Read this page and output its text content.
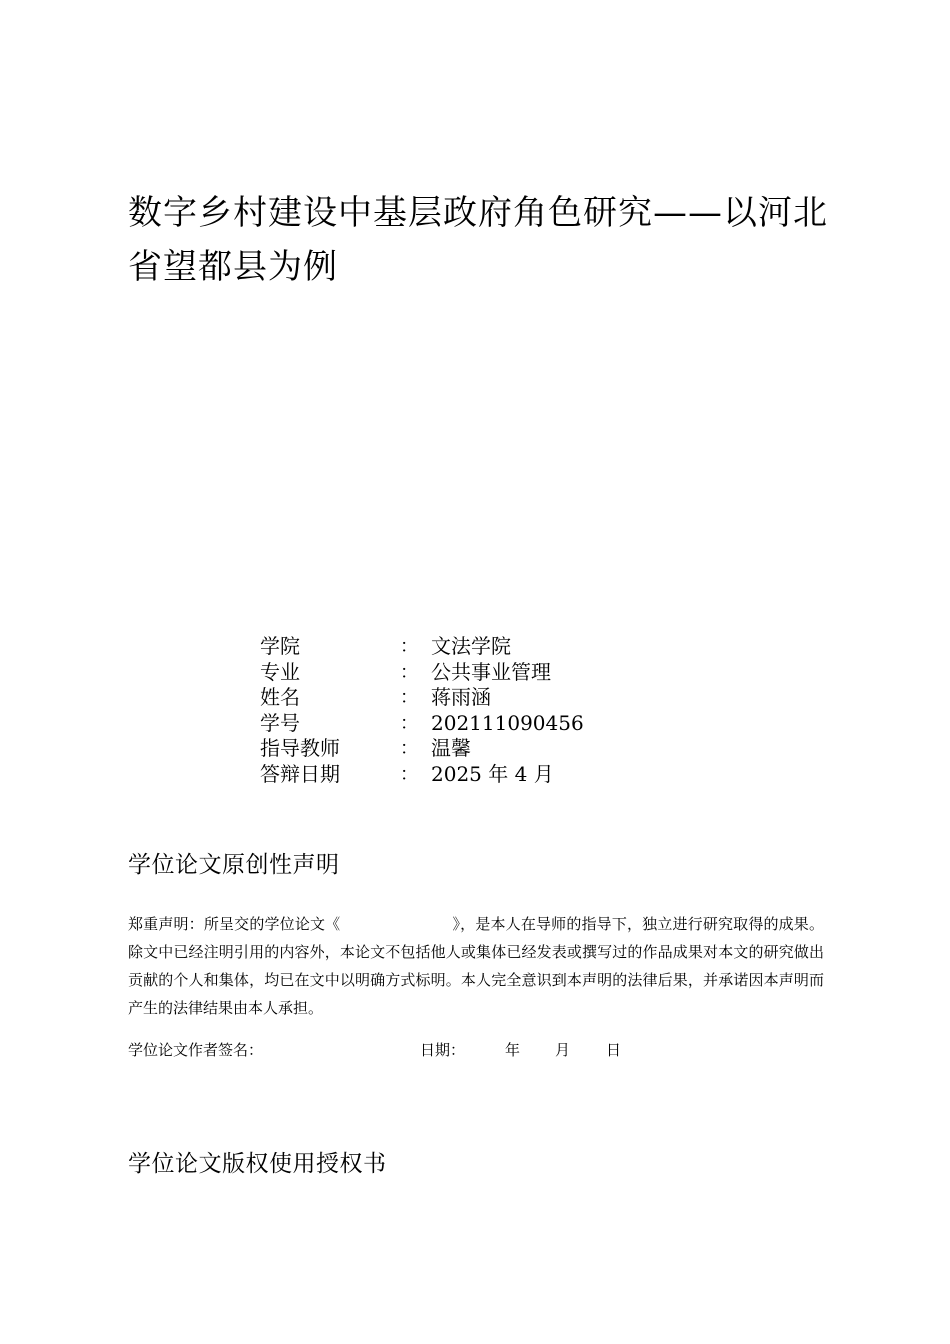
数字乡村建设中基层政府角色研究——以河北省望都县为例
学院	：	文法学院
专业	：	公共事业管理
姓名	：	蒋雨涵
学号	：	202111090456
指导教师	：	温馨
答辩日期	：	2025 年 4 月
学位论文原创性声明

郑重声明：所呈交的学位论文《	》，是本人在导师的指导下，独立进行研究取得的成果。除文中已经注明引用的内容外，本论文不包括他人或集体已经发表或撰写过的作品成果对本文的研究做出贡献的个人和集体，均已在文中以明确方式标明。本人完全意识到本声明的法律后果，并承诺因本声明而产生的法律结果由本人承担。

学位论文作者签名：	日期：	年 月 日
学位论文版权使用授权书
